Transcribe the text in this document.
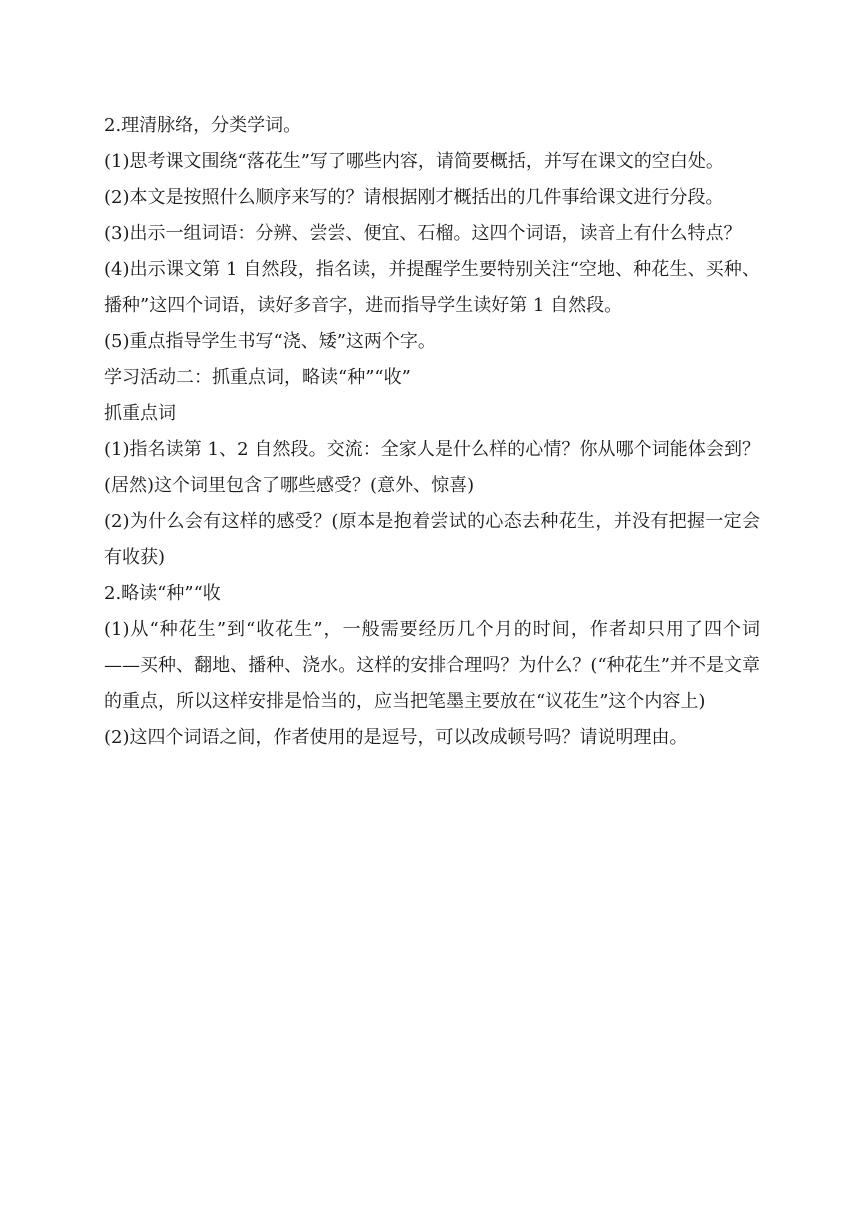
2.理清脉络，分类学词。

(1)思考课文围绕“落花生”写了哪些内容，请简要概括，并写在课文的空白处。

(2)本文是按照什么顺序来写的？请根据刚才概括出的几件事给课文进行分段。

(3)出示一组词语：分辨、尝尝、便宜、石榴。这四个词语，读音上有什么特点？

(4)出示课文第 1 自然段，指名读，并提醒学生要特别关注“空地、种花生、买种、播种”这四个词语，读好多音字，进而指导学生读好第 1 自然段。

(5)重点指导学生书写“浇、矮”这两个字。

学习活动二：抓重点词，略读“种”“收”

抓重点词

(1)指名读第 1、2 自然段。交流：全家人是什么样的心情？你从哪个词能体会到？(居然)这个词里包含了哪些感受？(意外、惊喜)

(2)为什么会有这样的感受？(原本是抱着尝试的心态去种花生，并没有把握一定会有收获)

2.略读“种”“收

(1)从“种花生”到“收花生”，一般需要经历几个月的时间，作者却只用了四个词——买种、翻地、播种、浇水。这样的安排合理吗？为什么？(“种花生”并不是文章的重点，所以这样安排是恰当的，应当把笔墨主要放在“议花生”这个内容上)

(2)这四个词语之间，作者使用的是逗号，可以改成顿号吗？请说明理由。
